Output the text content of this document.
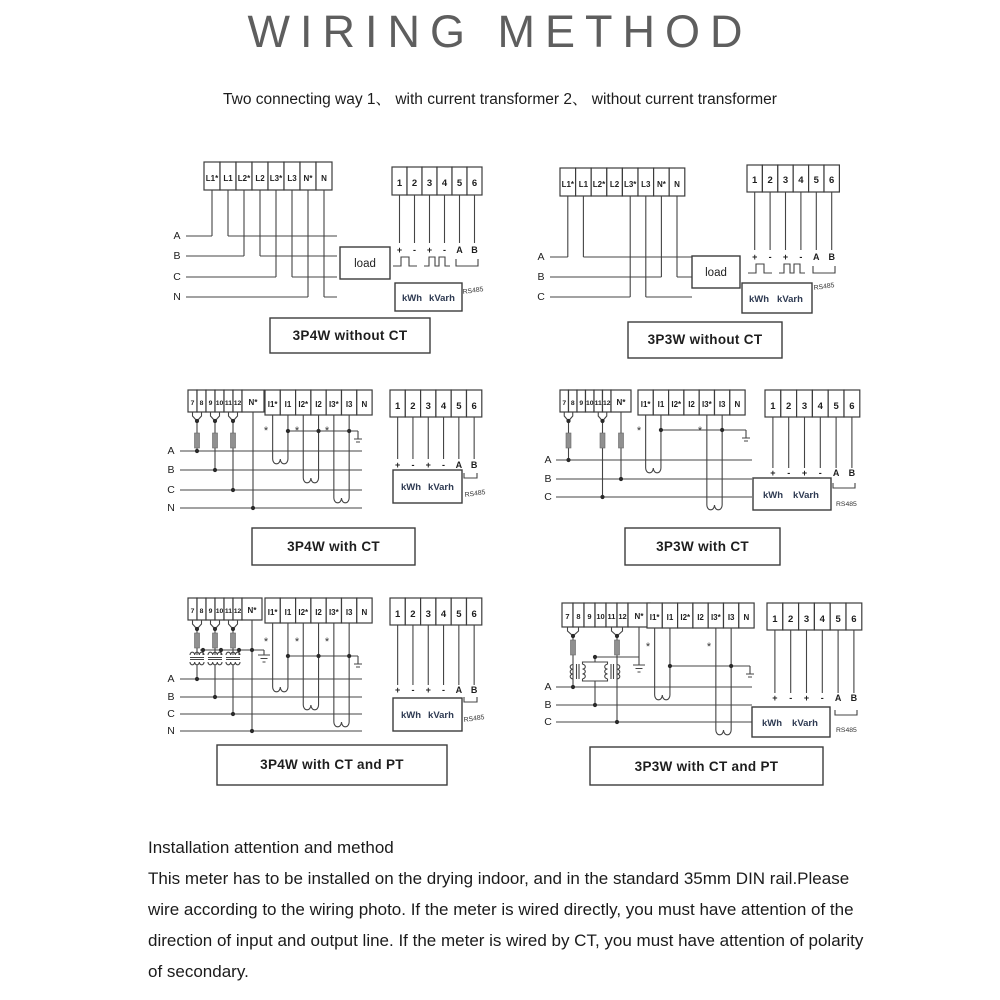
WIRING METHOD
Two connecting way 1、 with current transformer 2、 without current transformer
L1* L1 L2* L2 L3* L3 N* N	1 2 3 4 5 6
A
B
C
N
load
+ - + - A B
kWh kVarh
RS485
3P4W without CT
L1* L1 L2* L2 L3* L3 N* N	1 2 3 4 5 6
A
B
C
load
+ - + - A B
kWh kVarh
RS485
3P3W without CT
7 8 9 10 11 12 N* I1* I1 I2* I2 I3* I3 N	1 2 3 4 5 6
* * *
A
B
C
N
+ - + - A B
kWh kVarh
RS485
3P4W with CT
7 8 9 10 11 12 N* I1* I1 I2* I2 I3* I3 N	1 2 3 4 5 6
*	*
A
B
C
+ - + - A B
kWh kVarh
RS485
3P3W with CT
7 8 9 10 11 12 N* I1* I1 I2* I2 I3* I3 N	1 2 3 4 5 6
* * *
A
B
C
N
+ - + - A B
kWh kVarh RS485
3P4W with CT and PT
7 8 9 10 11 12 N* I1* I1 I2* I2 I3* I3 N 1 2 3 4 5 6
*	*
A
B
C
+ - + - A B
kWh kVarh
RS485
3P3W with CT and PT

Installation attention and method

This meter has to be installed on the drying indoor, and in the standard 35mm DIN rail.Please wire according to the wiring photo. If the meter is wired directly, you must have attention of the direction of input and output line. If the meter is wired by CT, you must have attention of polarity of secondary.
